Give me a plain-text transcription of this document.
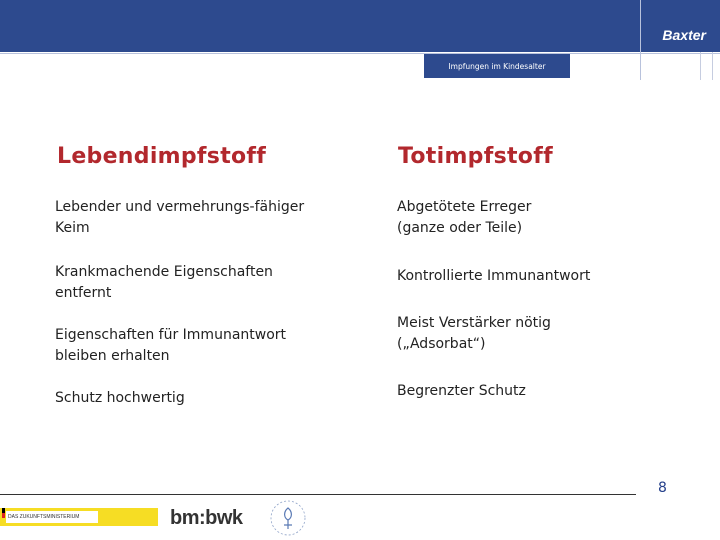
Baxter
Impfungen im Kindesalter
Lebendimpfstoff	Totimpfstoff
Lebender und vermehrungs-fähiger
Keim
Krankmachende Eigenschaften
entfernt
Eigenschaften für Immunantwort
bleiben erhalten
Schutz hochwertig
Abgetötete Erreger
(ganze oder Teile)
Kontrollierte Immunantwort
Meist Verstärker nötig
(„Adsorbat“)
Begrenzter Schutz
8
DAS ZUKUNFTSMINISTERIUM	bm:bwk
